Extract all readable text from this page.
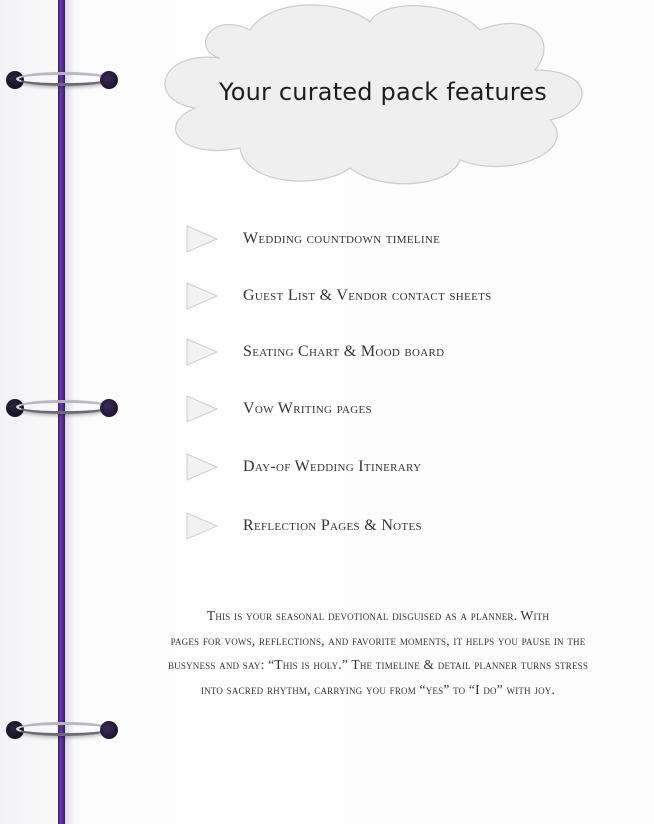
Your curated pack features
Wedding countdown timeline
Guest List & Vendor contact sheets
Seating Chart & Mood board
Vow Writing pages
Day-of Wedding Itinerary
Reflection Pages & Notes
This is your seasonal devotional disguised as a planner. With
pages for vows, reflections, and favorite moments, it helps you pause in the
busyness and say: “This is holy.” The timeline & detail planner turns stress
into sacred rhythm, carrying you from “yes” to “I do” with joy.
